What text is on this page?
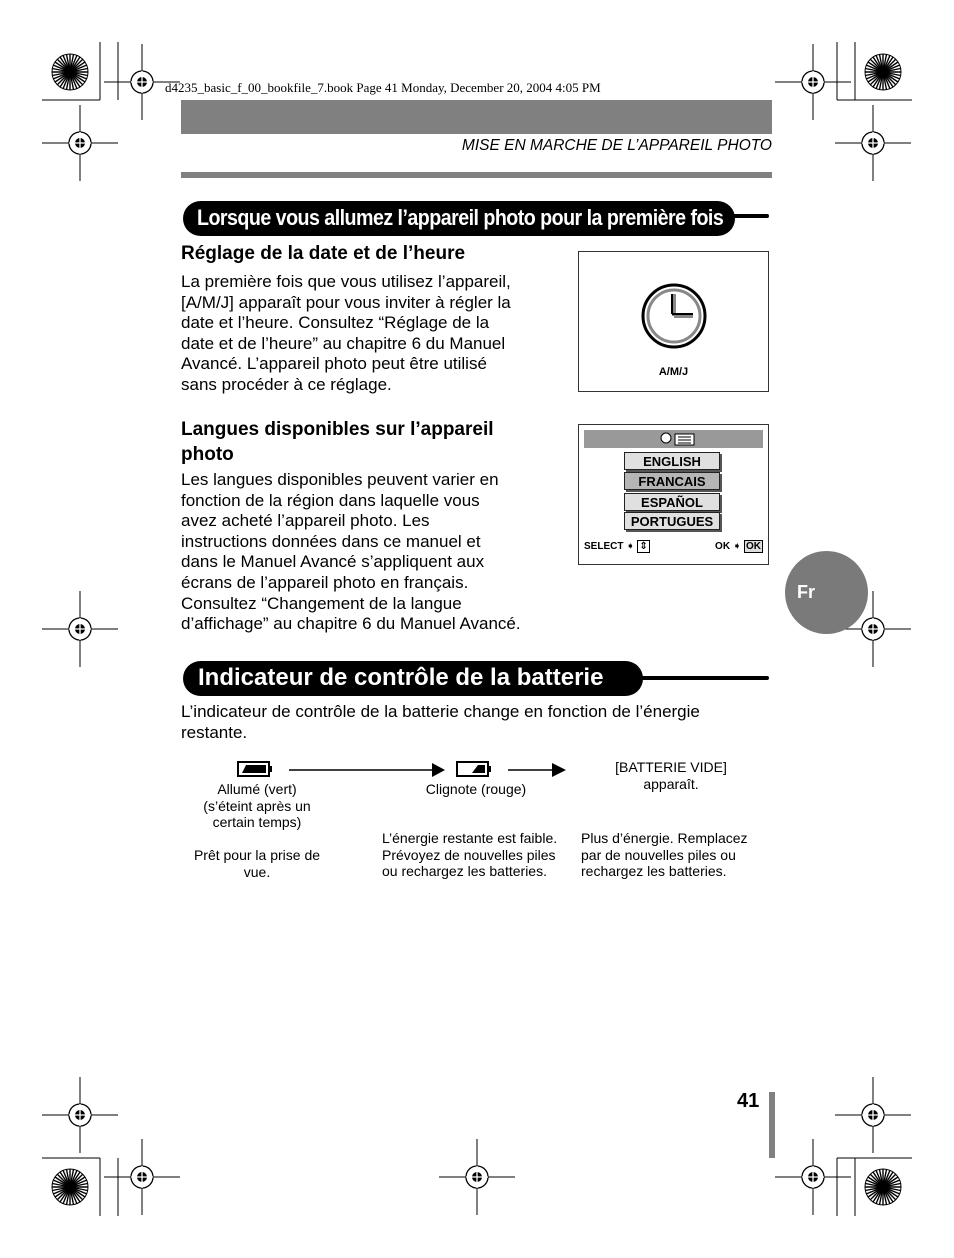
d4235_basic_f_00_bookfile_7.book Page 41 Monday, December 20, 2004 4:05 PM
MISE EN MARCHE DE L’APPAREIL PHOTO
Lorsque vous allumez l’appareil photo pour la première fois
Réglage de la date et de l’heure
La première fois que vous utilisez l’appareil,
[A/M/J] apparaît pour vous inviter à régler la
date et l’heure. Consultez “Réglage de la
date et de l’heure” au chapitre 6 du Manuel
Avancé. L’appareil photo peut être utilisé
sans procéder à ce réglage.
A/M/J
Langues disponibles sur l’appareil
photo
Les langues disponibles peuvent varier en
fonction de la région dans laquelle vous
avez acheté l’appareil photo. Les
instructions données dans ce manuel et
dans le Manuel Avancé s’appliquent aux
écrans de l’appareil photo en français.
Consultez “Changement de la langue
d’affichage” au chapitre 6 du Manuel Avancé.
ENGLISH
FRANCAIS
ESPAÑOL
PORTUGUES
SELECT ➧ ⇕	OK ➧ OK
Fr
Indicateur de contrôle de la batterie
L’indicateur de contrôle de la batterie change en fonction de l’énergie
restante.
Allumé (vert)
(s’éteint après un
certain temps)
Clignote (rouge)
[BATTERIE VIDE]
apparaît.
Prêt pour la prise de
vue.
L’énergie restante est faible.
Prévoyez de nouvelles piles
ou rechargez les batteries.
Plus d’énergie. Remplacez
par de nouvelles piles ou
rechargez les batteries.
41
